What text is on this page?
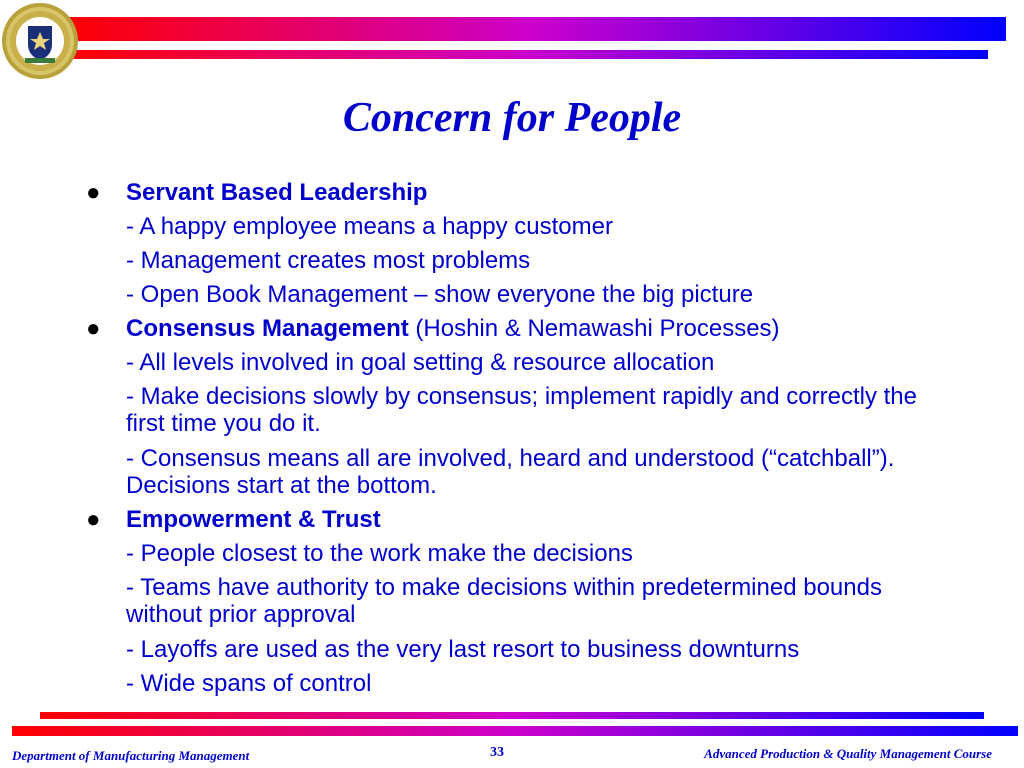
Concern for People
● Servant Based Leadership
- A happy employee means a happy customer
- Management creates most problems
- Open Book Management – show everyone the big picture
● Consensus Management (Hoshin & Nemawashi Processes)
- All levels involved in goal setting & resource allocation
- Make decisions slowly by consensus; implement rapidly and correctly the first time you do it.
- Consensus means all are involved, heard and understood (“catchball”). Decisions start at the bottom.
● Empowerment & Trust
- People closest to the work make the decisions
- Teams have authority to make decisions within predetermined bounds without prior approval
- Layoffs are used as the very last resort to business downturns
- Wide spans of control
Department of Manufacturing Management	33	Advanced Production & Quality Management Course
